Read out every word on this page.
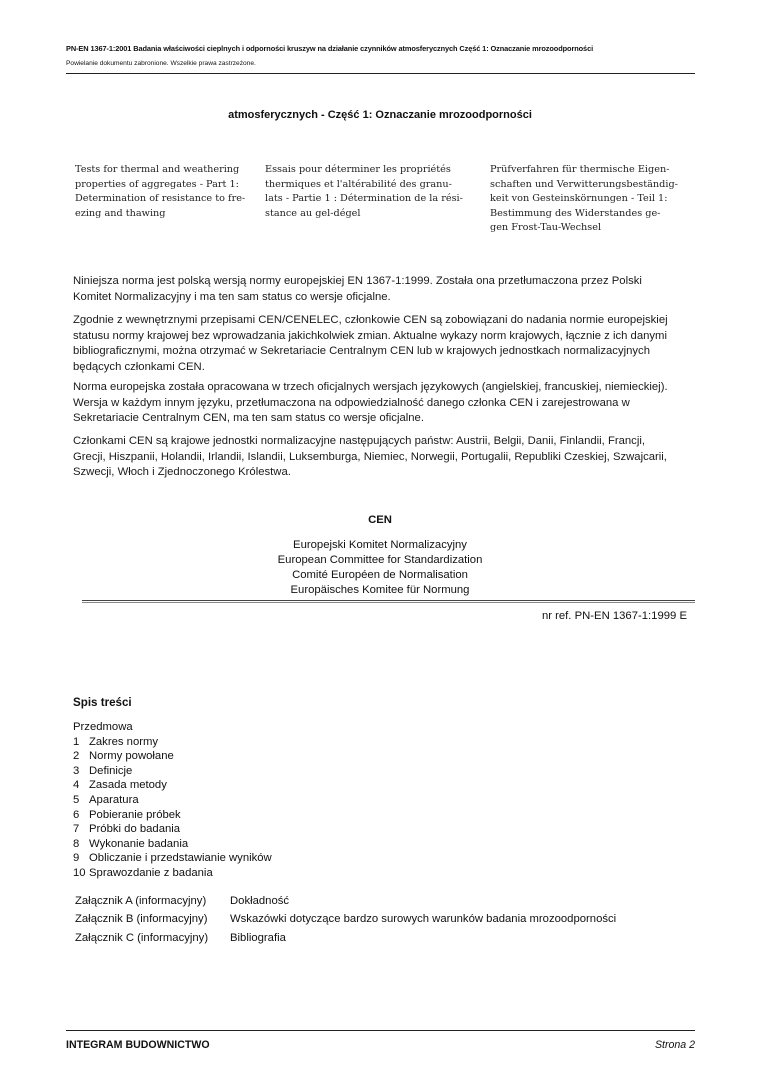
PN-EN 1367-1:2001 Badania właściwości cieplnych i odporności kruszyw na działanie czynników atmosferycznych Część 1: Oznaczanie mrozoodporności
Powielanie dokumentu zabronione. Wszelkie prawa zastrzeżone.
atmosferycznych - Część 1: Oznaczanie mrozoodporności
Tests for thermal and weathering
properties of aggregates - Part 1:
Determination of resistance to fre-
ezing and thawing
Essais pour déterminer les propriétés
thermiques et l'altérabilité des granu-
lats - Partie 1 : Détermination de la rési-
stance au gel-dégel
Prüfverfahren für thermische Eigen-
schaften und Verwitterungsbeständig-
keit von Gesteinskörnungen - Teil 1:
Bestimmung des Widerstandes ge-
gen Frost-Tau-Wechsel
Niniejsza norma jest polską wersją normy europejskiej EN 1367-1:1999. Została ona przetłumaczona przez Polski
Komitet Normalizacyjny i ma ten sam status co wersje oficjalne.
Zgodnie z wewnętrznymi przepisami CEN/CENELEC, członkowie CEN są zobowiązani do nadania normie europejskiej
statusu normy krajowej bez wprowadzania jakichkolwiek zmian. Aktualne wykazy norm krajowych, łącznie z ich danymi
bibliograficznymi, można otrzymać w Sekretariacie Centralnym CEN lub w krajowych jednostkach normalizacyjnych
będących członkami CEN.
Norma europejska została opracowana w trzech oficjalnych wersjach językowych (angielskiej, francuskiej, niemieckiej).
Wersja w każdym innym języku, przetłumaczona na odpowiedzialność danego członka CEN i zarejestrowana w
Sekretariacie Centralnym CEN, ma ten sam status co wersje oficjalne.
Członkami CEN są krajowe jednostki normalizacyjne następujących państw: Austrii, Belgii, Danii, Finlandii, Francji,
Grecji, Hiszpanii, Holandii, Irlandii, Islandii, Luksemburga, Niemiec, Norwegii, Portugalii, Republiki Czeskiej, Szwajcarii,
Szwecji, Włoch i Zjednoczonego Królestwa.
CEN
Europejski Komitet Normalizacyjny
European Committee for Standardization
Comité Européen de Normalisation
Europäisches Komitee für Normung
nr ref. PN-EN 1367-1:1999 E
Spis treści
Przedmowa
1 Zakres normy
2 Normy powołane
3 Definicje
4 Zasada metody
5 Aparatura
6 Pobieranie próbek
7 Próbki do badania
8 Wykonanie badania
9 Obliczanie i przedstawianie wyników
10 Sprawozdanie z badania
Załącznik A (informacyjny) Dokładność
Załącznik B (informacyjny) Wskazówki dotyczące bardzo surowych warunków badania mrozoodporności
Załącznik C (informacyjny) Bibliografia
INTEGRAM BUDOWNICTWO	Strona 2
